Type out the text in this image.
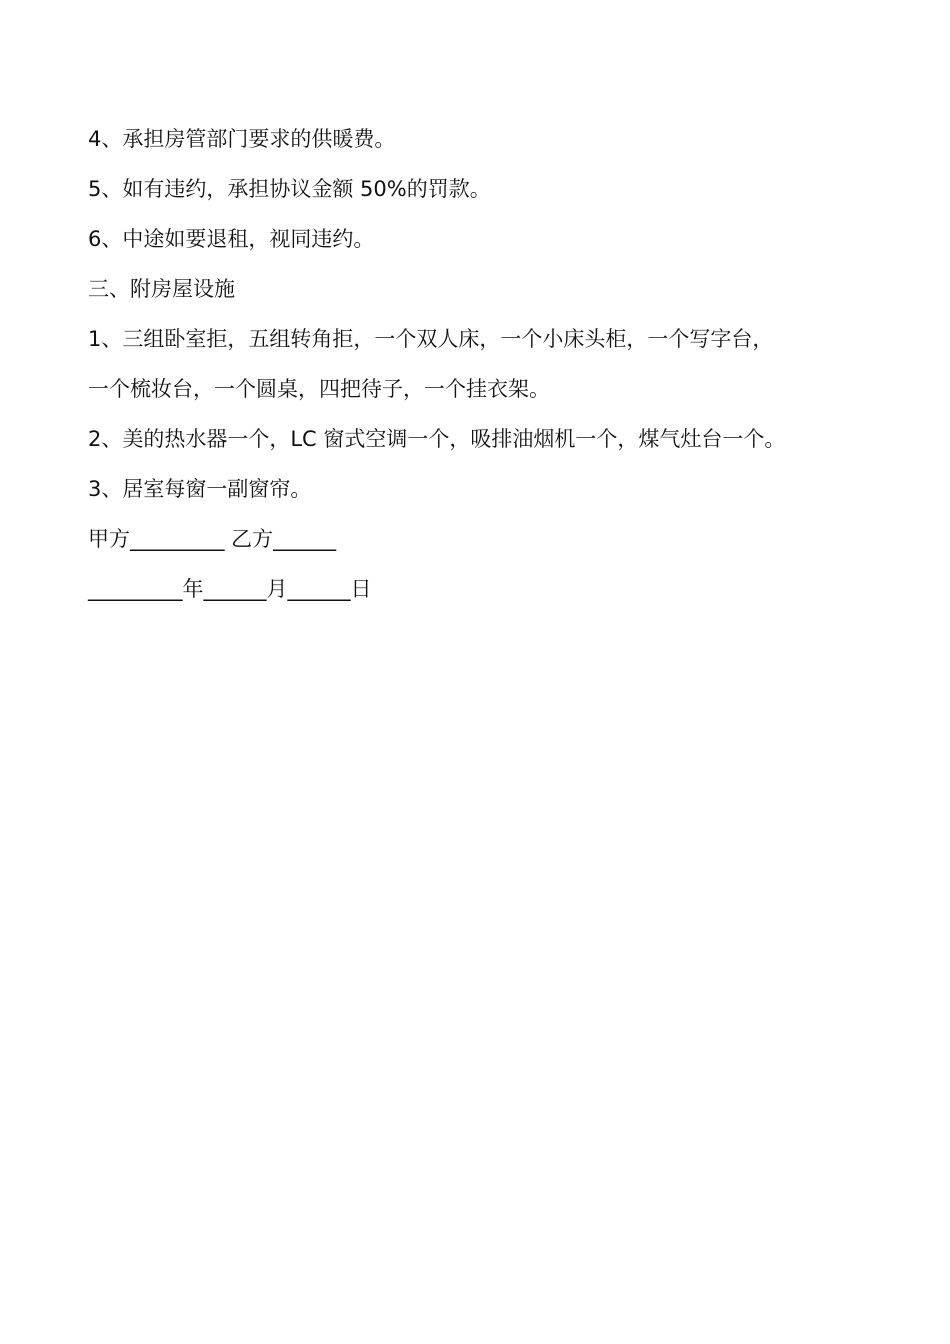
4、承担房管部门要求的供暖费。

5、如有违约，承担协议金额 50%的罚款。

6、中途如要退租，视同违约。

三、附房屋设施

1、三组卧室拒，五组转角拒，一个双人床，一个小床头柜，一个写字台，

一个梳妆台，一个圆桌，四把待子，一个挂衣架。

2、美的热水器一个，LC 窗式空调一个，吸排油烟机一个，煤气灶台一个。

3、居室每窗一副窗帘。

甲方_________ 乙方______

_________年______月______日
